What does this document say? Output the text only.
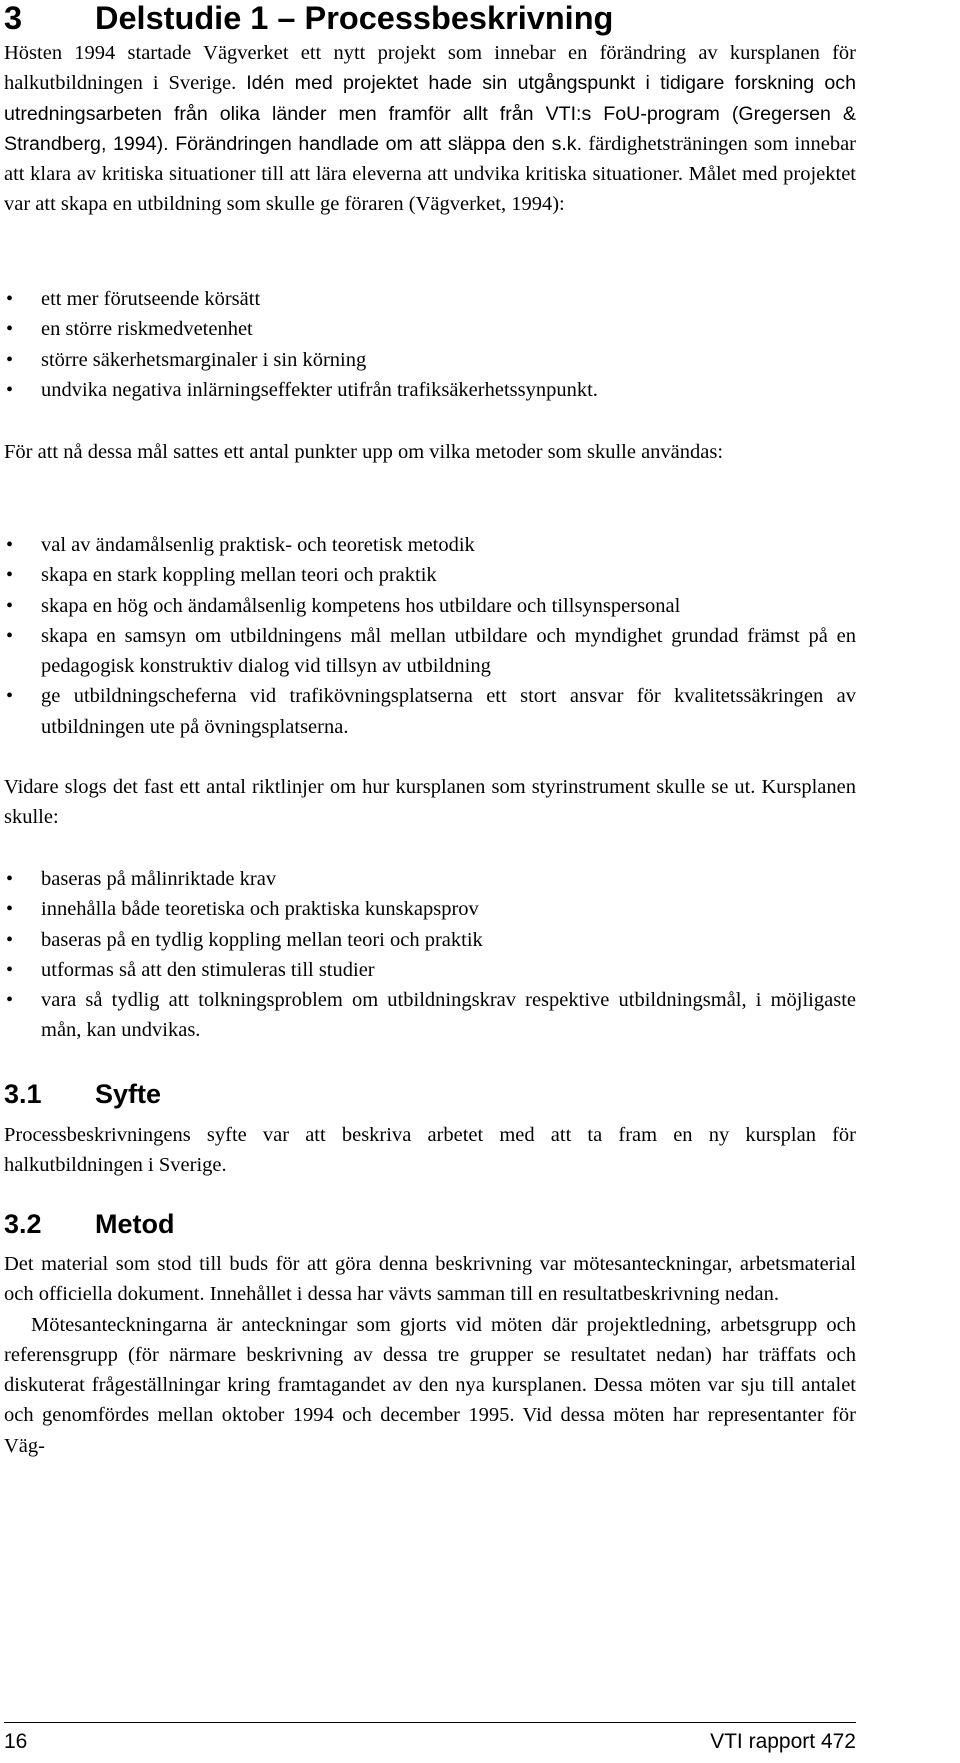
3 Delstudie 1 – Processbeskrivning

Hösten 1994 startade Vägverket ett nytt projekt som innebar en förändring av kursplanen för halkutbildningen i Sverige. Idén med projektet hade sin utgångspunkt i tidigare forskning och utredningsarbeten från olika länder men framför allt från VTI:s FoU-program (Gregersen & Strandberg, 1994). Förändringen handlade om att släppa den s.k. färdighetsträningen som innebar att klara av kritiska situationer till att lära eleverna att undvika kritiska situationer. Målet med projektet var att skapa en utbildning som skulle ge föraren (Vägverket, 1994):

• ett mer förutseende körsätt
• en större riskmedvetenhet
• större säkerhetsmarginaler i sin körning
• undvika negativa inlärningseffekter utifrån trafiksäkerhetssynpunkt.

För att nå dessa mål sattes ett antal punkter upp om vilka metoder som skulle användas:

• val av ändamålsenlig praktisk- och teoretisk metodik
• skapa en stark koppling mellan teori och praktik
• skapa en hög och ändamålsenlig kompetens hos utbildare och tillsynspersonal
• skapa en samsyn om utbildningens mål mellan utbildare och myndighet grundad främst på en pedagogisk konstruktiv dialog vid tillsyn av utbildning
• ge utbildningscheferna vid trafikövningsplatserna ett stort ansvar för kvalitetssäkringen av utbildningen ute på övningsplatserna.

Vidare slogs det fast ett antal riktlinjer om hur kursplanen som styrinstrument skulle se ut. Kursplanen skulle:

• baseras på målinriktade krav
• innehålla både teoretiska och praktiska kunskapsprov
• baseras på en tydlig koppling mellan teori och praktik
• utformas så att den stimuleras till studier
• vara så tydlig att tolkningsproblem om utbildningskrav respektive utbildningsmål, i möjligaste mån, kan undvikas.
3.1 Syfte

Processbeskrivningens syfte var att beskriva arbetet med att ta fram en ny kursplan för halkutbildningen i Sverige.

3.2 Metod

Det material som stod till buds för att göra denna beskrivning var mötesanteckningar, arbetsmaterial och officiella dokument. Innehållet i dessa har vävts samman till en resultatbeskrivning nedan.

Mötesanteckningarna är anteckningar som gjorts vid möten där projektledning, arbetsgrupp och referensgrupp (för närmare beskrivning av dessa tre grupper se resultatet nedan) har träffats och diskuterat frågeställningar kring framtagandet av den nya kursplanen. Dessa möten var sju till antalet och genomfördes mellan oktober 1994 och december 1995. Vid dessa möten har representanter för Väg-

16	VTI rapport 472
